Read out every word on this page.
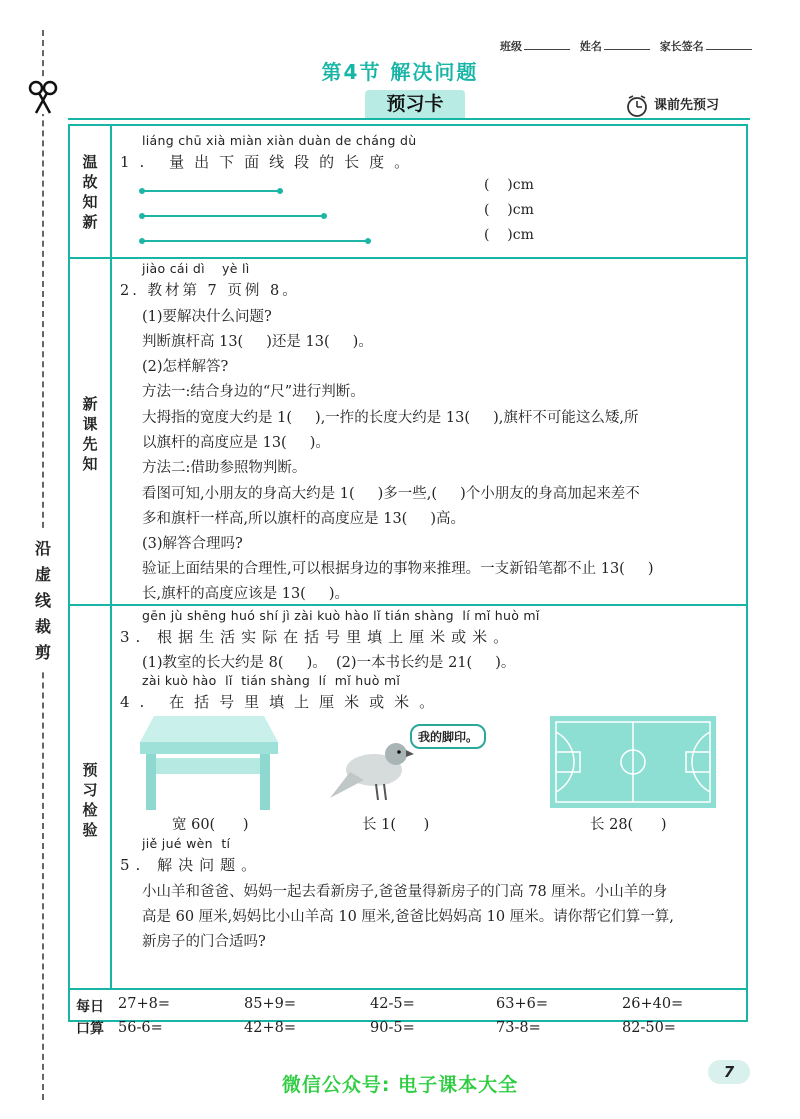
沿虚线裁剪
班级	姓名	家长签名
第4节 解决问题
预习卡	课前先预习
温故知新
新课先知
预习检验
每日
口算
liáng chū xià miàn xiàn duàn de cháng dù
1. 量出下面线段的长度。
(    )cm
(    )cm
(    )cm
jiào cái dì    yè lì
2. 教材第 7 页例 8。
(1)要解决什么问题?
判断旗杆高 13(     )还是 13(     )。
(2)怎样解答?
方法一:结合身边的“尺”进行判断。
大拇指的宽度大约是 1(     ),一拃的长度大约是 13(     ),旗杆不可能这么矮,所
以旗杆的高度应是 13(     )。
方法二:借助参照物判断。
看图可知,小朋友的身高大约是 1(     )多一些,(     )个小朋友的身高加起来差不
多和旗杆一样高,所以旗杆的高度应是 13(     )高。
(3)解答合理吗?
验证上面结果的合理性,可以根据身边的事物来推理。一支新铅笔都不止 13(     )
长,旗杆的高度应该是 13(     )。
gēn jù shēng huó shí jì zài kuò hào lǐ tián shàng  lí mǐ huò mǐ
3. 根据生活实际在括号里填上厘米或米。
(1)教室的长大约是 8(     )。  (2)一本书长约是 21(     )。
zài kuò hào  lǐ  tián shàng  lí  mǐ huò mǐ
4. 在括号里填上厘米或米。
我的脚印。
宽 60(      )	长 1(      )	长 28(      )
jiě jué wèn  tí
5. 解决问题。
小山羊和爸爸、妈妈一起去看新房子,爸爸量得新房子的门高 78 厘米。小山羊的身
高是 60 厘米,妈妈比小山羊高 10 厘米,爸爸比妈妈高 10 厘米。请你帮它们算一算,
新房子的门合适吗?
27+8=	85+9=	42-5=	63+6=	26+40=
56-6=	42+8=	90-5=	73-8=	82-50=
微信公众号: 电子课本大全
7
